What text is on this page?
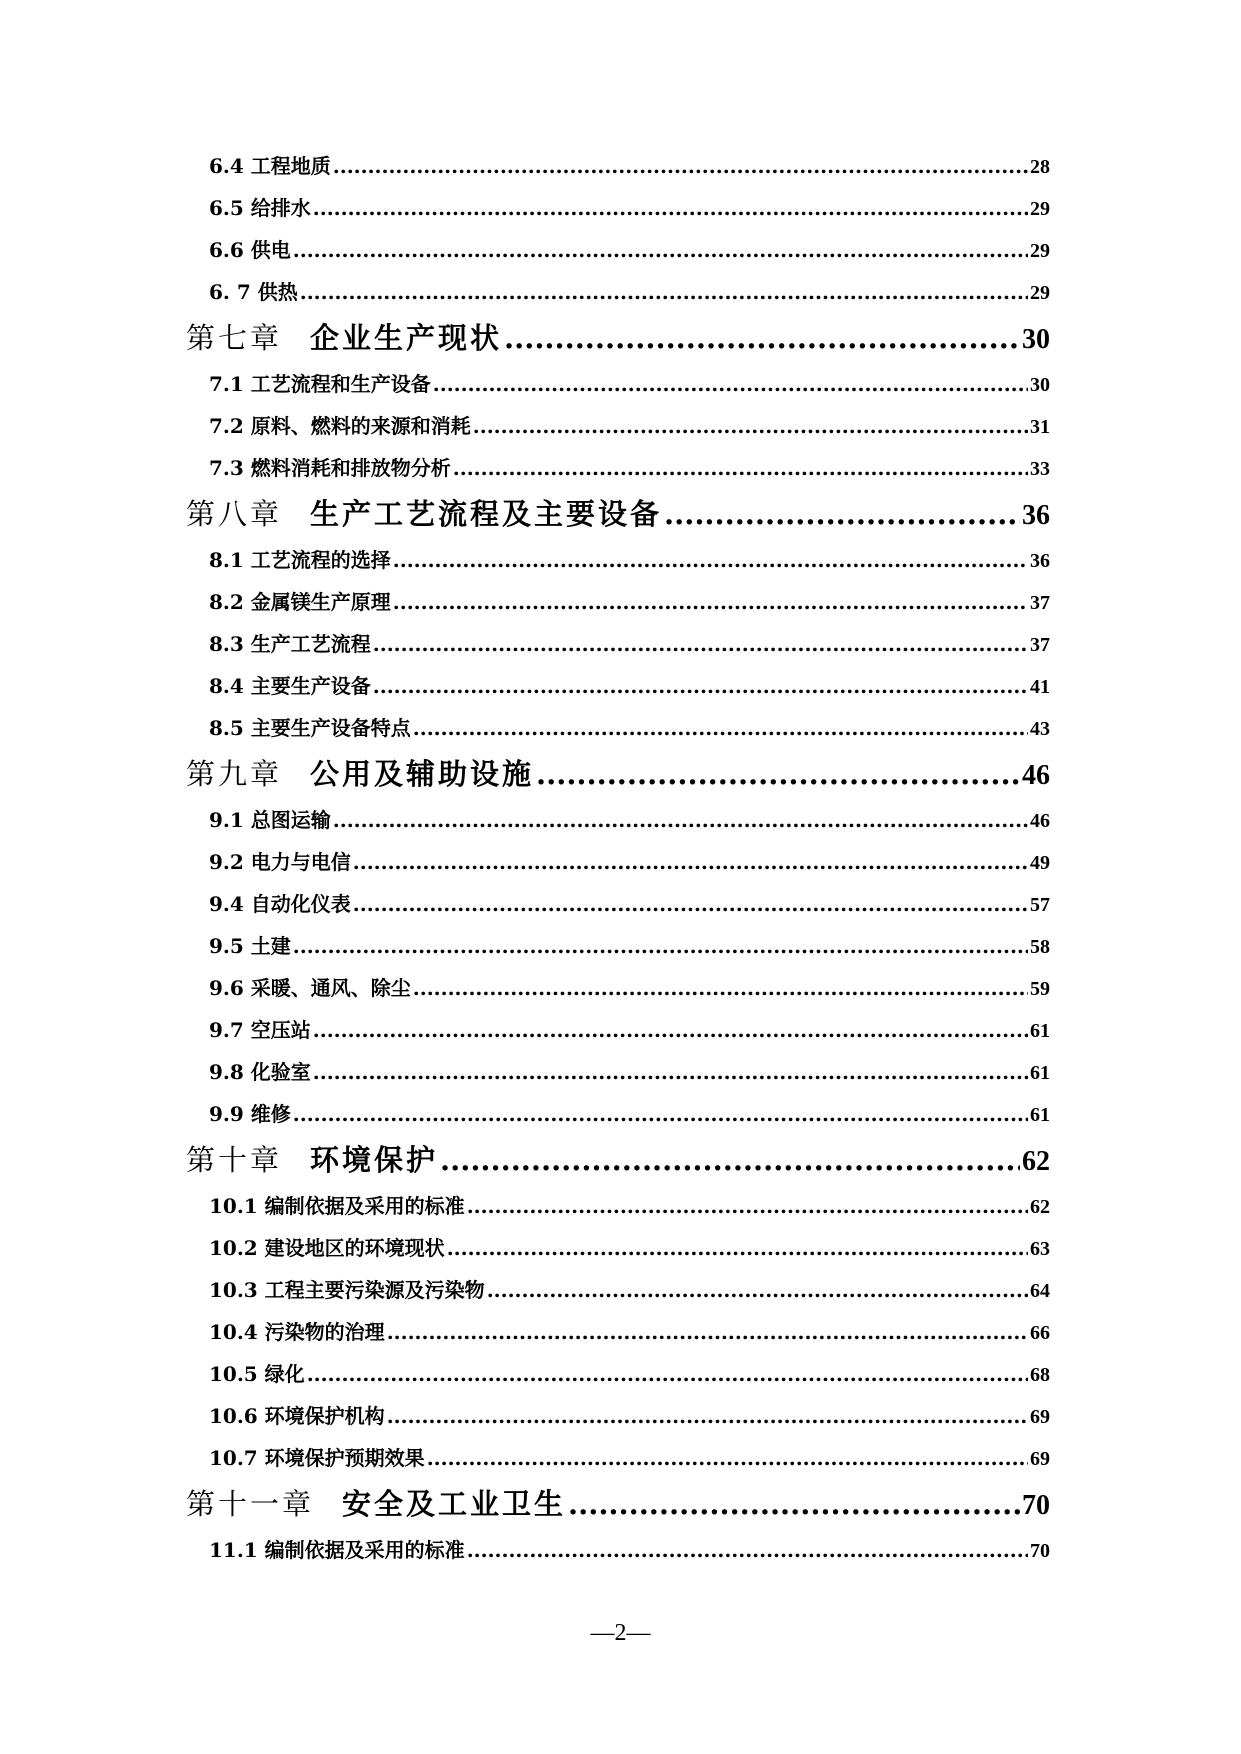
6.4 工程地质 .....	28
6.5 给排水 .....	29
6.6 供电 .....	29
6. 7 供热 .....	29
第七章 企业生产现状 .....	30
7.1 工艺流程和生产设备 .....	30
7.2 原料、燃料的来源和消耗 .....	31
7.3 燃料消耗和排放物分析 .....	33
第八章 生产工艺流程及主要设备 .....	36
8.1 工艺流程的选择 .....	36
8.2 金属镁生产原理 .....	37
8.3 生产工艺流程 .....	37
8.4 主要生产设备 .....	41
8.5 主要生产设备特点 .....	43
第九章 公用及辅助设施 .....	46
9.1 总图运输 .....	46
9.2 电力与电信 .....	49
9.4 自动化仪表 .....	57
9.5 土建 .....	58
9.6 采暖、通风、除尘 .....	59
9.7 空压站 .....	61
9.8 化验室 .....	61
9.9 维修 .....	61
第十章 环境保护 .....	62
10.1 编制依据及采用的标准 .....	62
10.2 建设地区的环境现状 .....	63
10.3 工程主要污染源及污染物 .....	64
10.4 污染物的治理 .....	66
10.5 绿化 .....	68
10.6 环境保护机构 .....	69
10.7 环境保护预期效果 .....	69
第十一章 安全及工业卫生 .....	70
11.1 编制依据及采用的标准 .....	70
—2—
